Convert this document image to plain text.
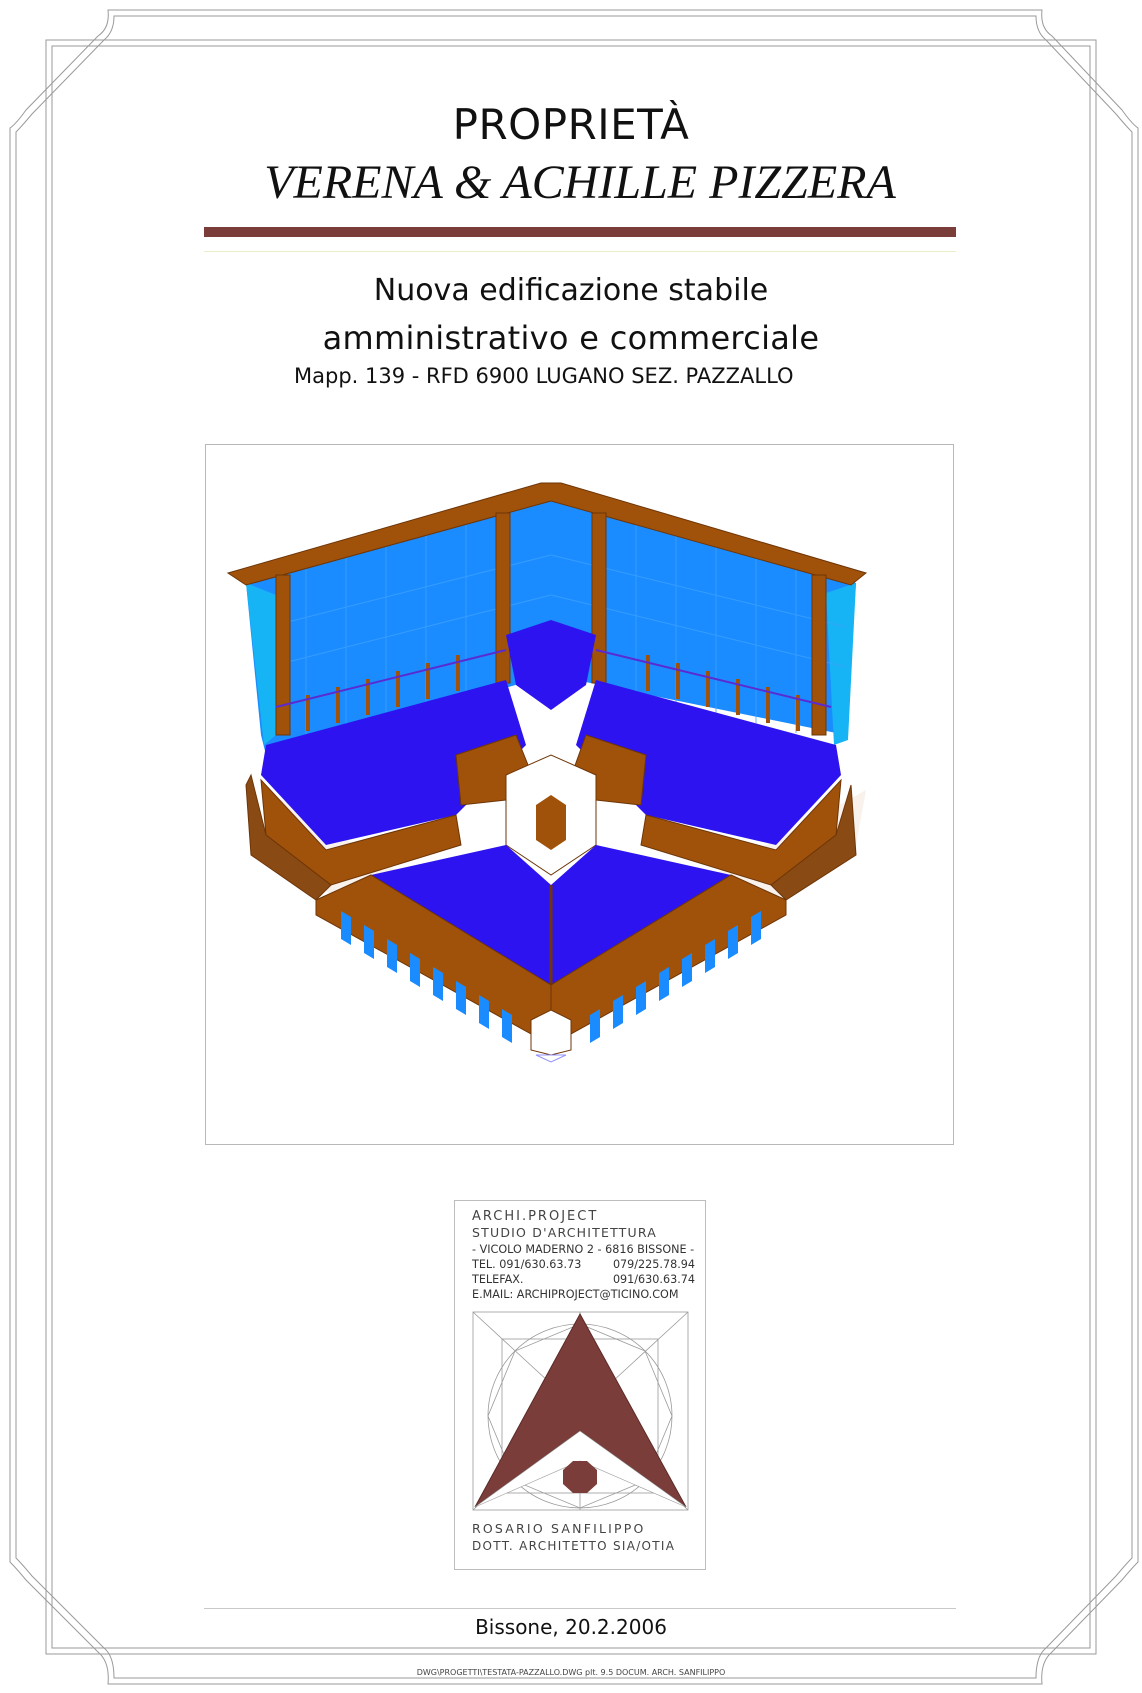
PROPRIETÀ
VERENA & ACHILLE PIZZERA
Nuova edificazione stabile
amministrativo e commerciale
Mapp. 139 - RFD 6900 LUGANO SEZ. PAZZALLO
ARCHI.PROJECT
STUDIO D'ARCHITETTURA
- VICOLO MADERNO 2 - 6816 BISSONE -
TEL. 091/630.63.73	079/225.78.94
TELEFAX.	091/630.63.74
E.MAIL: ARCHIPROJECT@TICINO.COM
ROSARIO SANFILIPPO
DOTT. ARCHITETTO SIA/OTIA
Bissone, 20.2.2006
DWG\PROGETTI\TESTATA-PAZZALLO.DWG plt. 9.5 DOCUM. ARCH. SANFILIPPO
